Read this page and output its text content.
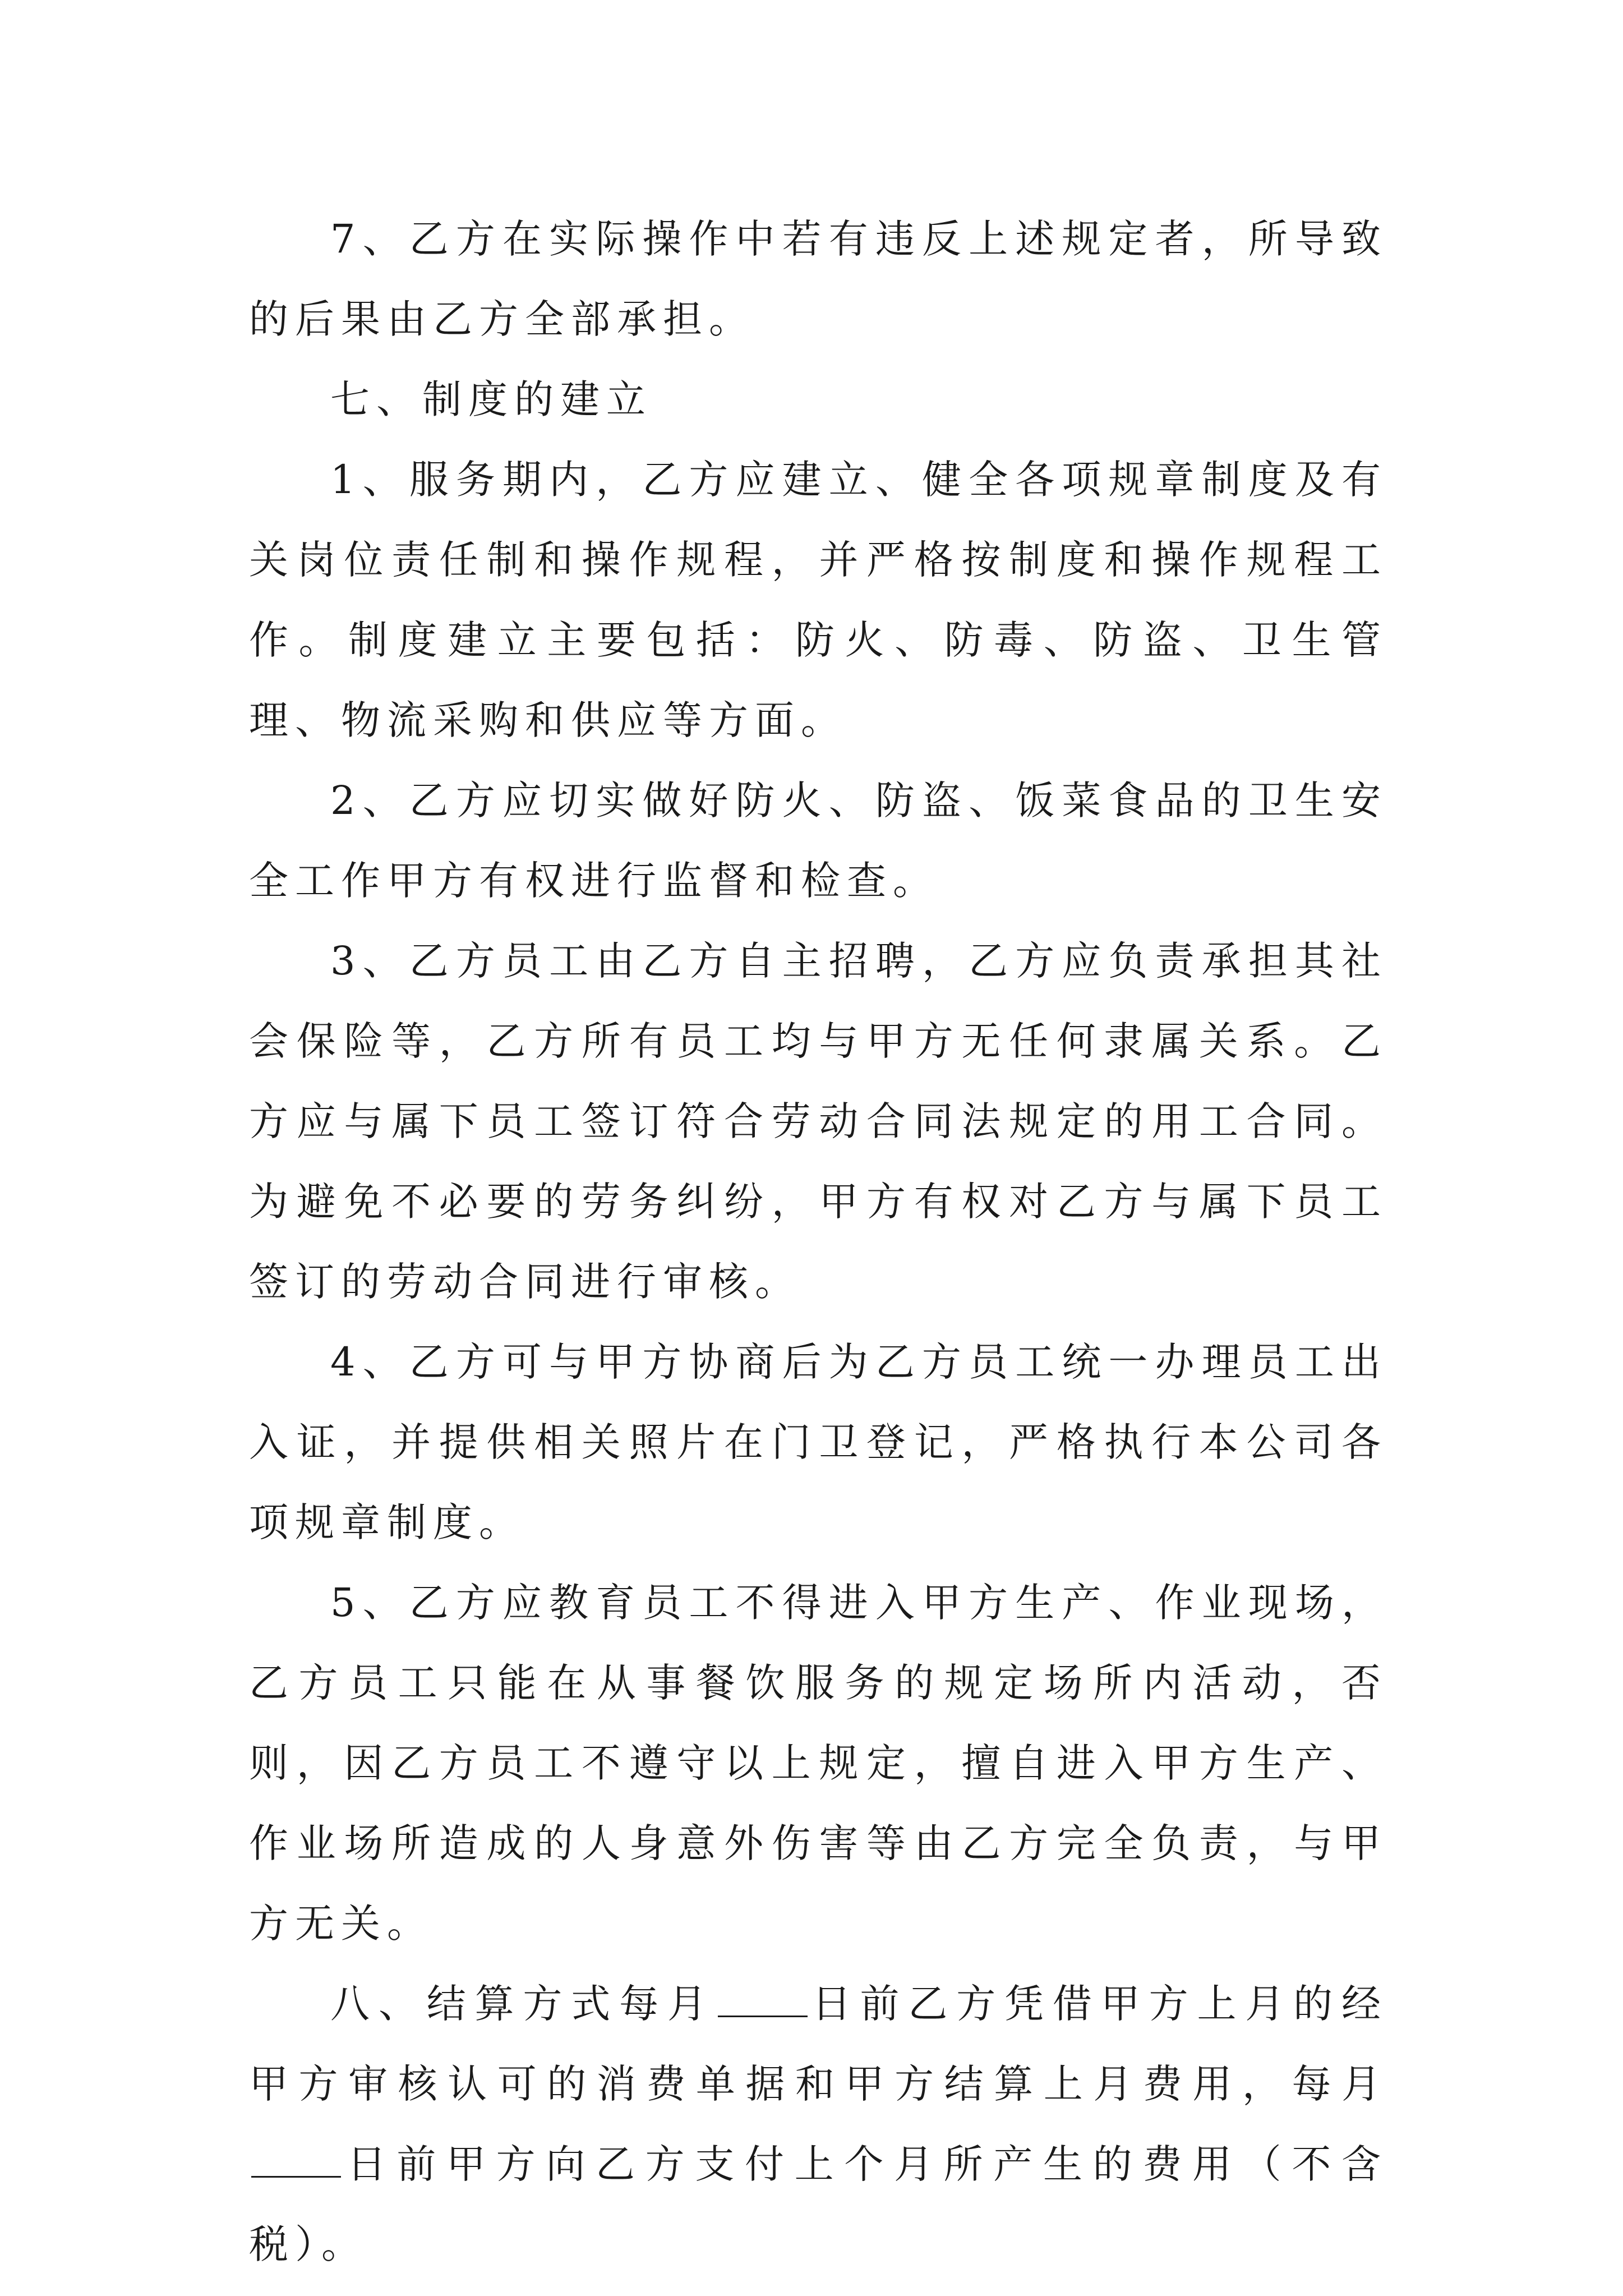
7、乙方在实际操作中若有违反上述规定者，所导致的后果由乙方全部承担。

七、制度的建立

1、服务期内，乙方应建立、健全各项规章制度及有关岗位责任制和操作规程，并严格按制度和操作规程工作。制度建立主要包括：防火、防毒、防盗、卫生管理、物流采购和供应等方面。

2、乙方应切实做好防火、防盗、饭菜食品的卫生安全工作甲方有权进行监督和检查。

3、乙方员工由乙方自主招聘，乙方应负责承担其社会保险等，乙方所有员工均与甲方无任何隶属关系。乙方应与属下员工签订符合劳动合同法规定的用工合同。为避免不必要的劳务纠纷，甲方有权对乙方与属下员工签订的劳动合同进行审核。

4、乙方可与甲方协商后为乙方员工统一办理员工出入证，并提供相关照片在门卫登记，严格执行本公司各项规章制度。

5、乙方应教育员工不得进入甲方生产、作业现场，乙方员工只能在从事餐饮服务的规定场所内活动，否则，因乙方员工不遵守以上规定，擅自进入甲方生产、作业场所造成的人身意外伤害等由乙方完全负责，与甲方无关。

八、结算方式每月 日前乙方凭借甲方上月的经甲方审核认可的消费单据和甲方结算上月费用，每月日前甲方向乙方支付上个月所产生的费用（不含税）。
